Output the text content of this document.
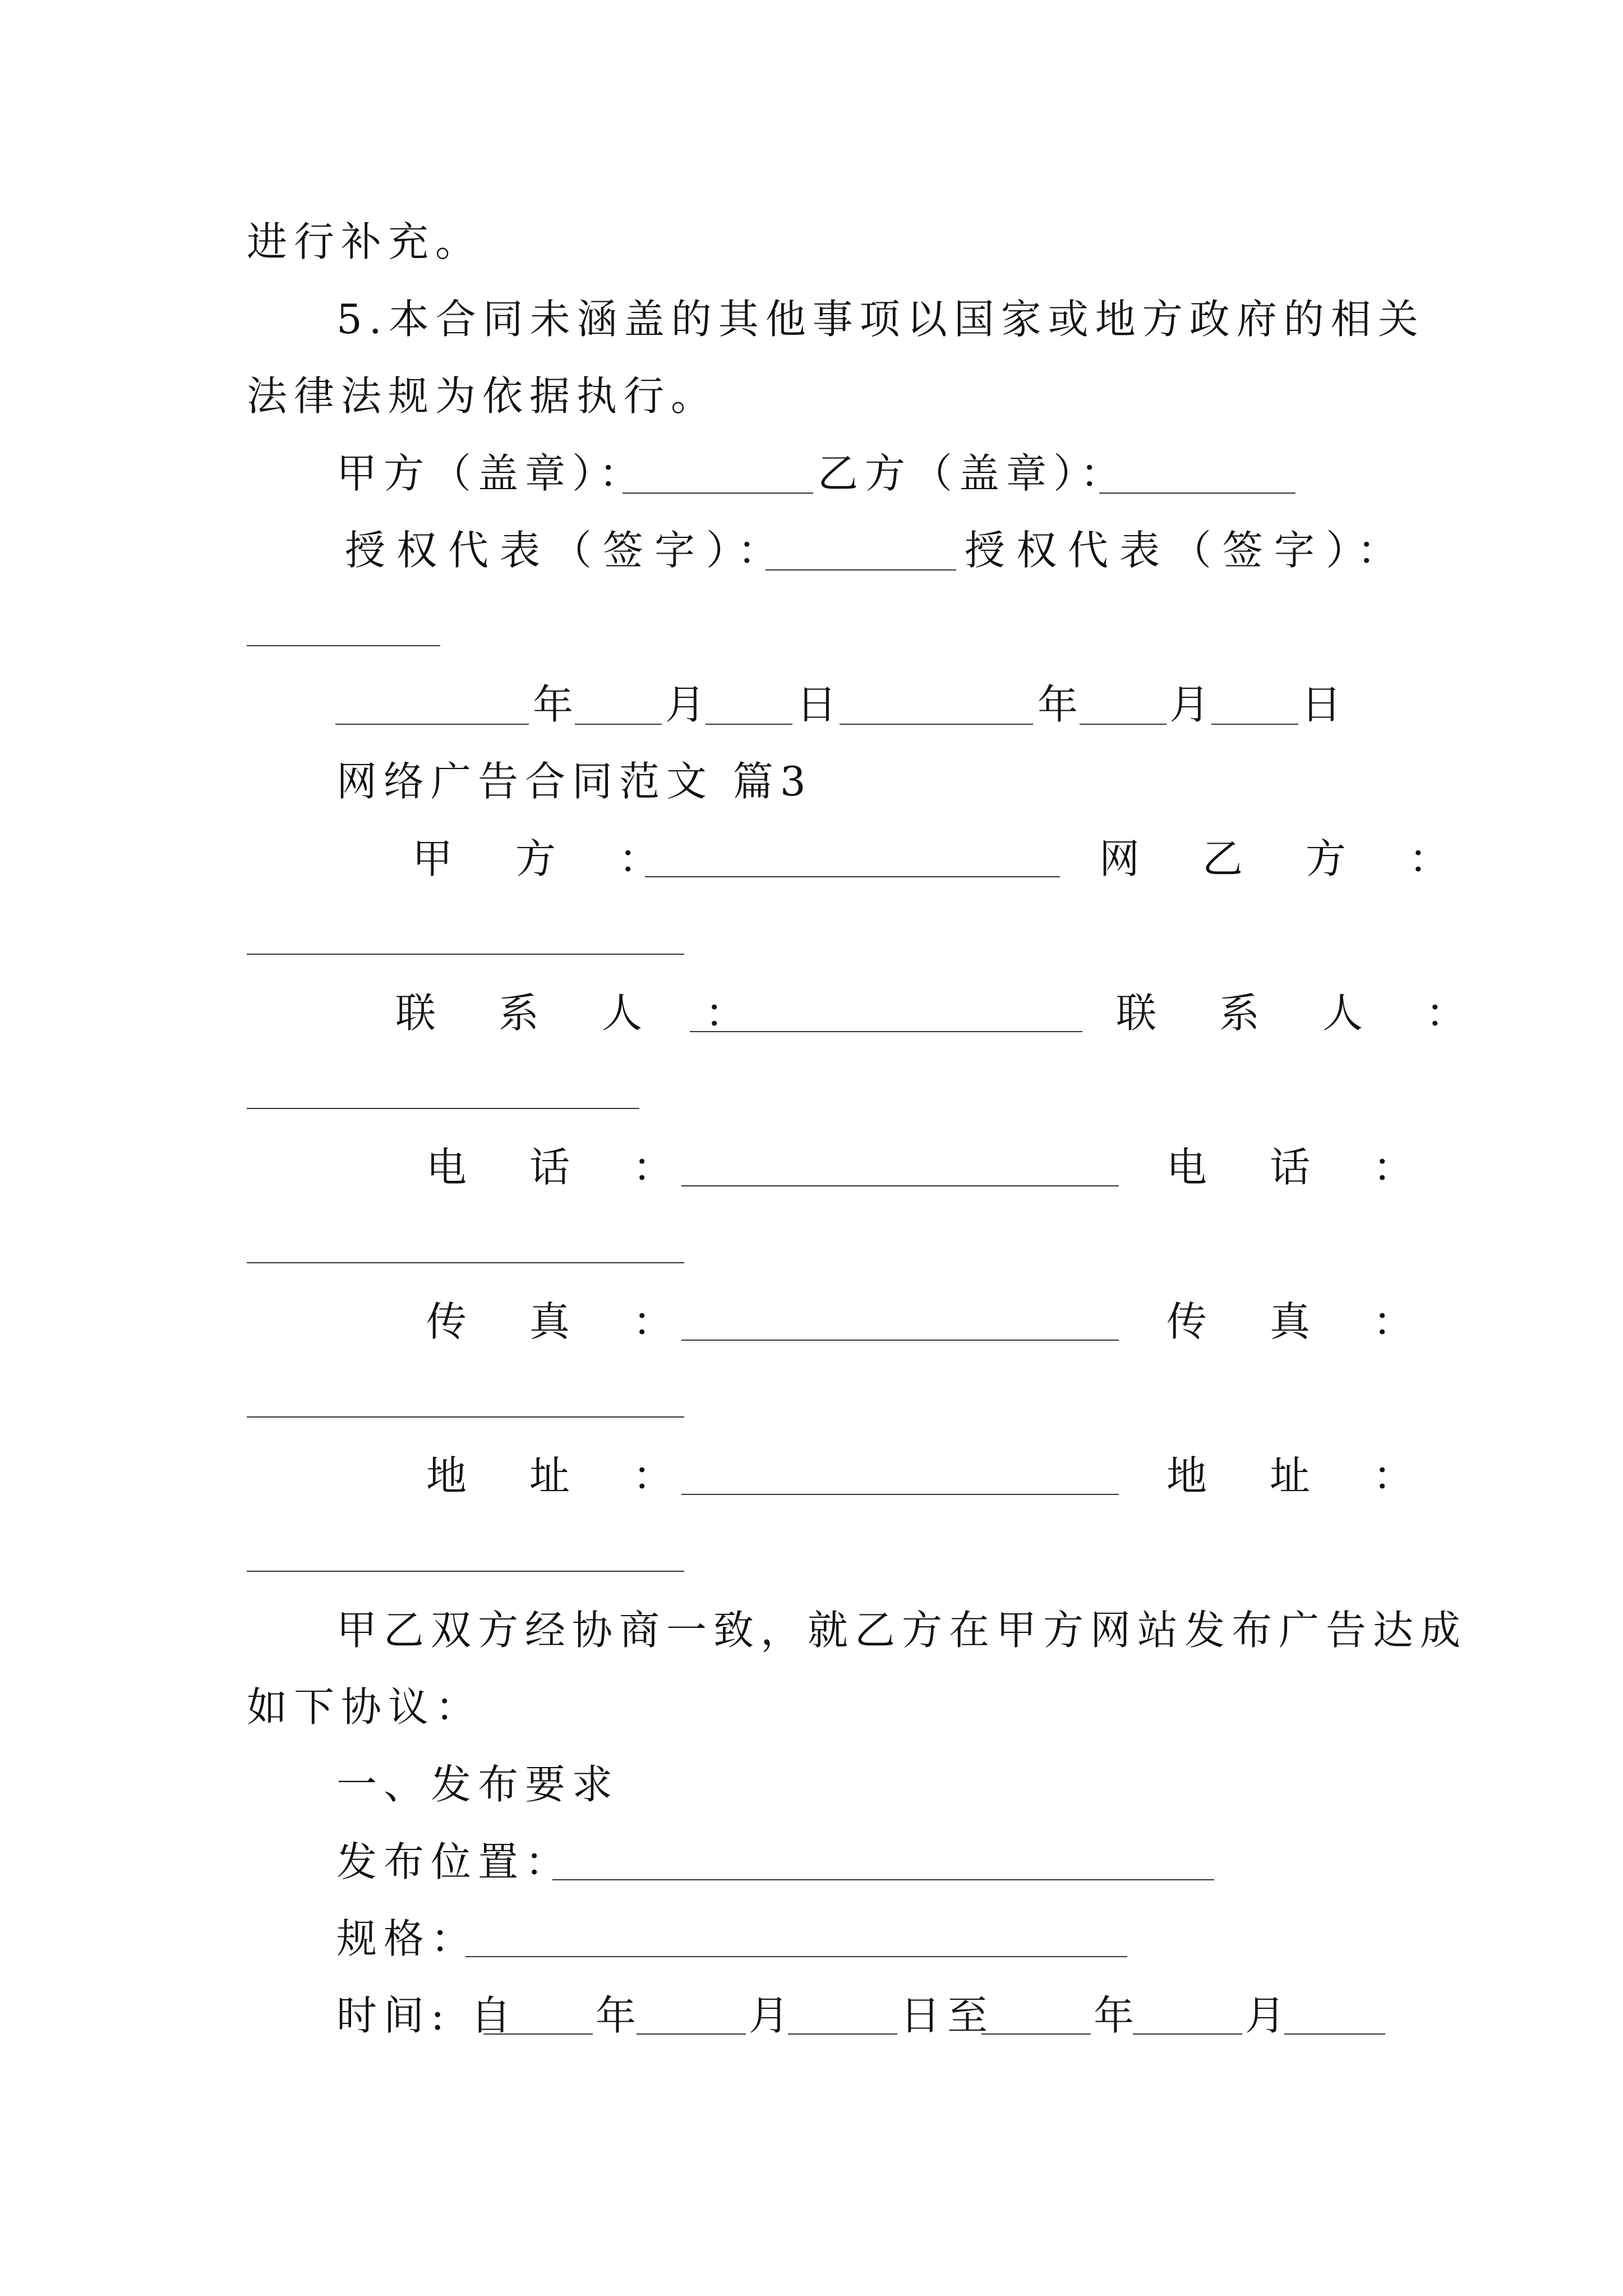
进行补充。
5.本合同未涵盖的其他事项以国家或地方政府的相关
法律法规为依据执行。
甲方（盖章）：	乙方（盖章）：
授权代表（签字）：	授权代表（签字）：
年 月 日	年 月 日
网络广告合同范文 篇3
甲　方　：	网　乙　方　：
联　系　人　：	联　系　人　：
电　话　：	电　话　：
传　真　：	传　真　：
地　址　：	地　址　：
甲乙双方经协商一致，就乙方在甲方网站发布广告达成
如下协议：
一、发布要求
发布位置：
规格：
时间: 自 年	月	日至 年	月
